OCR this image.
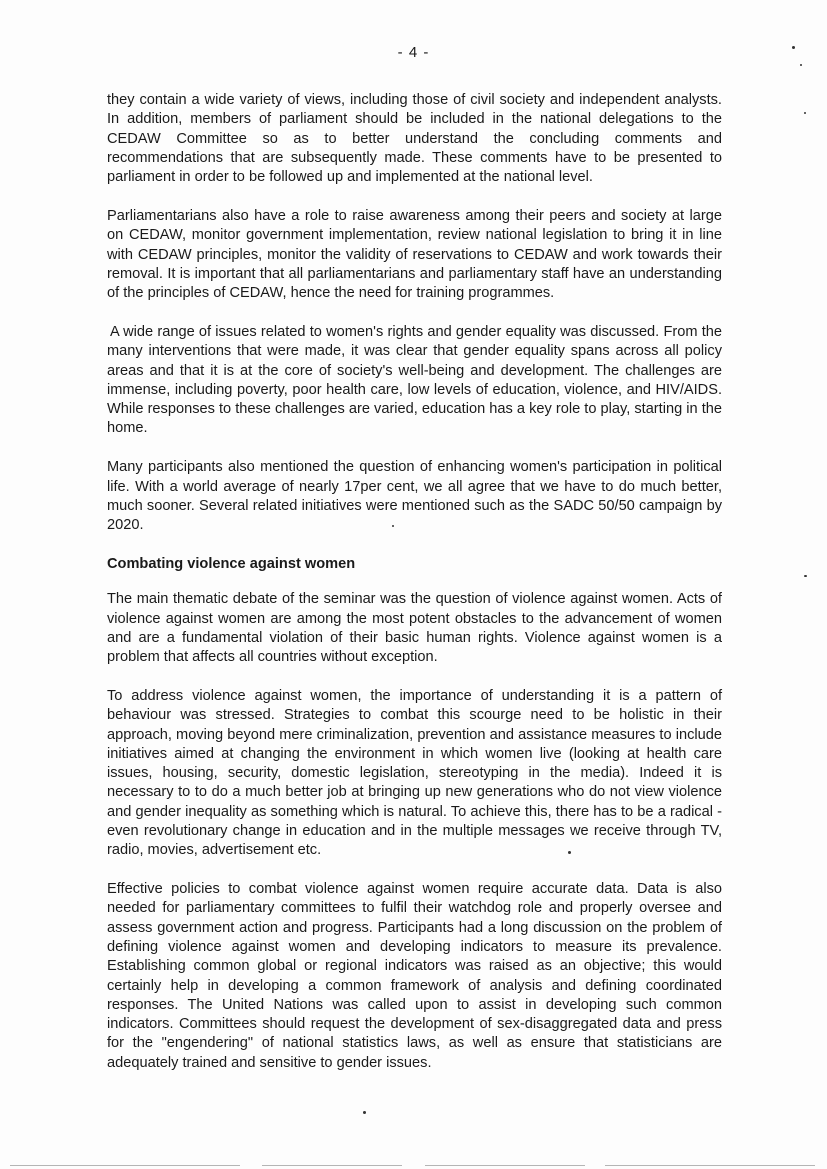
- 4 -

they contain a wide variety of views, including those of civil society and independent analysts. In addition, members of parliament should be included in the national delegations to the CEDAW Committee so as to better understand the concluding comments and recommendations that are subsequently made. These comments have to be presented to parliament in order to be followed up and implemented at the national level.

Parliamentarians also have a role to raise awareness among their peers and society at large on CEDAW, monitor government implementation, review national legislation to bring it in line with CEDAW principles, monitor the validity of reservations to CEDAW and work towards their removal. It is important that all parliamentarians and parliamentary staff have an understanding of the principles of CEDAW, hence the need for training programmes.

A wide range of issues related to women's rights and gender equality was discussed. From the many interventions that were made, it was clear that gender equality spans across all policy areas and that it is at the core of society's well-being and development. The challenges are immense, including poverty, poor health care, low levels of education, violence, and HIV/AIDS. While responses to these challenges are varied, education has a key role to play, starting in the home.

Many participants also mentioned the question of enhancing women's participation in political life. With a world average of nearly 17per cent, we all agree that we have to do much better, much sooner. Several related initiatives were mentioned such as the SADC 50/50 campaign by 2020.

Combating violence against women

The main thematic debate of the seminar was the question of violence against women. Acts of violence against women are among the most potent obstacles to the advancement of women and are a fundamental violation of their basic human rights. Violence against women is a problem that affects all countries without exception.

To address violence against women, the importance of understanding it is a pattern of behaviour was stressed. Strategies to combat this scourge need to be holistic in their approach, moving beyond mere criminalization, prevention and assistance measures to include initiatives aimed at changing the environment in which women live (looking at health care issues, housing, security, domestic legislation, stereotyping in the media). Indeed it is necessary to to do a much better job at bringing up new generations who do not view violence and gender inequality as something which is natural. To achieve this, there has to be a radical - even revolutionary change in education and in the multiple messages we receive through TV, radio, movies, advertisement etc.

Effective policies to combat violence against women require accurate data. Data is also needed for parliamentary committees to fulfil their watchdog role and properly oversee and assess government action and progress. Participants had a long discussion on the problem of defining violence against women and developing indicators to measure its prevalence. Establishing common global or regional indicators was raised as an objective; this would certainly help in developing a common framework of analysis and defining coordinated responses. The United Nations was called upon to assist in developing such common indicators. Committees should request the development of sex-disaggregated data and press for the "engendering" of national statistics laws, as well as ensure that statisticians are adequately trained and sensitive to gender issues.
